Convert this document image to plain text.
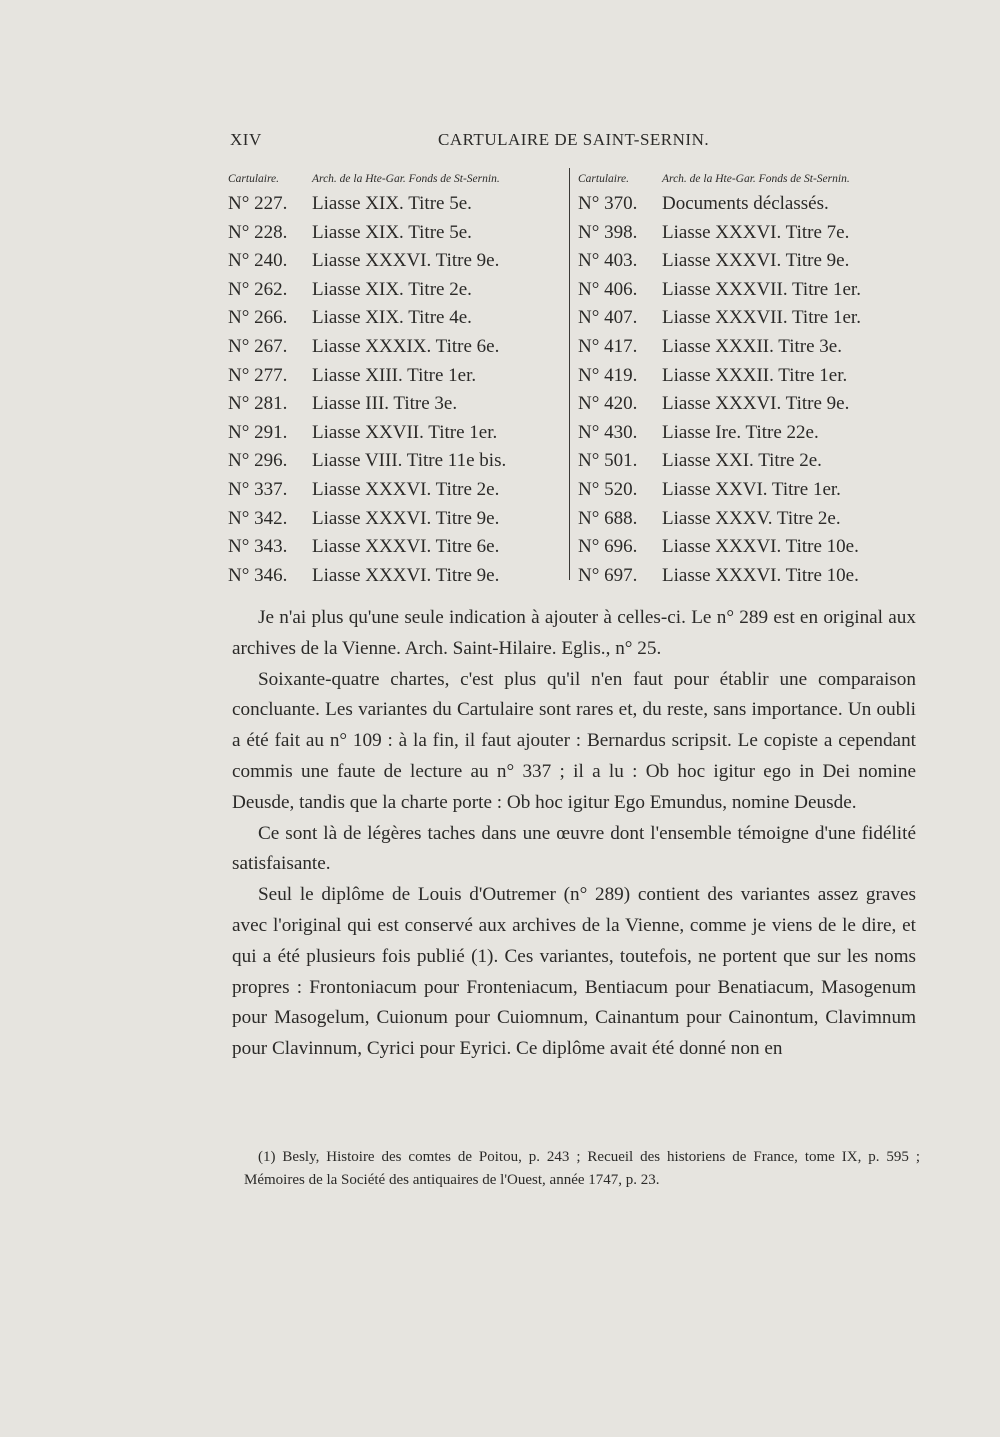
XIV	CARTULAIRE DE SAINT-SERNIN.
Cartulaire.	Arch. de la Hte-Gar. Fonds de St-Sernin.
N° 227. Liasse XIX. Titre 5e.
N° 228. Liasse XIX. Titre 5e.
N° 240. Liasse XXXVI. Titre 9e.
N° 262. Liasse XIX. Titre 2e.
N° 266. Liasse XIX. Titre 4e.
N° 267. Liasse XXXIX. Titre 6e.
N° 277. Liasse XIII. Titre 1er.
N° 281. Liasse III. Titre 3e.
N° 291. Liasse XXVII. Titre 1er.
N° 296. Liasse VIII. Titre 11e bis.
N° 337. Liasse XXXVI. Titre 2e.
N° 342. Liasse XXXVI. Titre 9e.
N° 343. Liasse XXXVI. Titre 6e.
N° 346. Liasse XXXVI. Titre 9e.
Cartulaire.	Arch. de la Hte-Gar. Fonds de St-Sernin.
N° 370. Documents déclassés.
N° 398. Liasse XXXVI. Titre 7e.
N° 403. Liasse XXXVI. Titre 9e.
N° 406. Liasse XXXVII. Titre 1er.
N° 407. Liasse XXXVII. Titre 1er.
N° 417. Liasse XXXII. Titre 3e.
N° 419. Liasse XXXII. Titre 1er.
N° 420. Liasse XXXVI. Titre 9e.
N° 430. Liasse Ire. Titre 22e.
N° 501. Liasse XXI. Titre 2e.
N° 520. Liasse XXVI. Titre 1er.
N° 688. Liasse XXXV. Titre 2e.
N° 696. Liasse XXXVI. Titre 10e.
N° 697. Liasse XXXVI. Titre 10e.

Je n'ai plus qu'une seule indication à ajouter à celles-ci. Le n° 289 est en original aux archives de la Vienne. Arch. Saint-Hilaire. Eglis., n° 25.

Soixante-quatre chartes, c'est plus qu'il n'en faut pour établir une comparaison concluante. Les variantes du Cartulaire sont rares et, du reste, sans importance. Un oubli a été fait au n° 109 : à la fin, il faut ajouter : Bernardus scripsit. Le copiste a cependant commis une faute de lecture au n° 337 ; il a lu : Ob hoc igitur ego in Dei nomine Deusde, tandis que la charte porte : Ob hoc igitur Ego Emundus, nomine Deusde.

Ce sont là de légères taches dans une œuvre dont l'ensemble témoigne d'une fidélité satisfaisante.

Seul le diplôme de Louis d'Outremer (n° 289) contient des variantes assez graves avec l'original qui est conservé aux archives de la Vienne, comme je viens de le dire, et qui a été plusieurs fois publié (1). Ces variantes, toutefois, ne portent que sur les noms propres : Frontoniacum pour Fronteniacum, Bentiacum pour Benatiacum, Masogenum pour Masogelum, Cuionum pour Cuiomnum, Cainantum pour Cainontum, Clavimnum pour Clavinnum, Cyrici pour Eyrici. Ce diplôme avait été donné non en

(1) Besly, Histoire des comtes de Poitou, p. 243 ; Recueil des historiens de France, tome IX, p. 595 ; Mémoires de la Société des antiquaires de l'Ouest, année 1747, p. 23.
